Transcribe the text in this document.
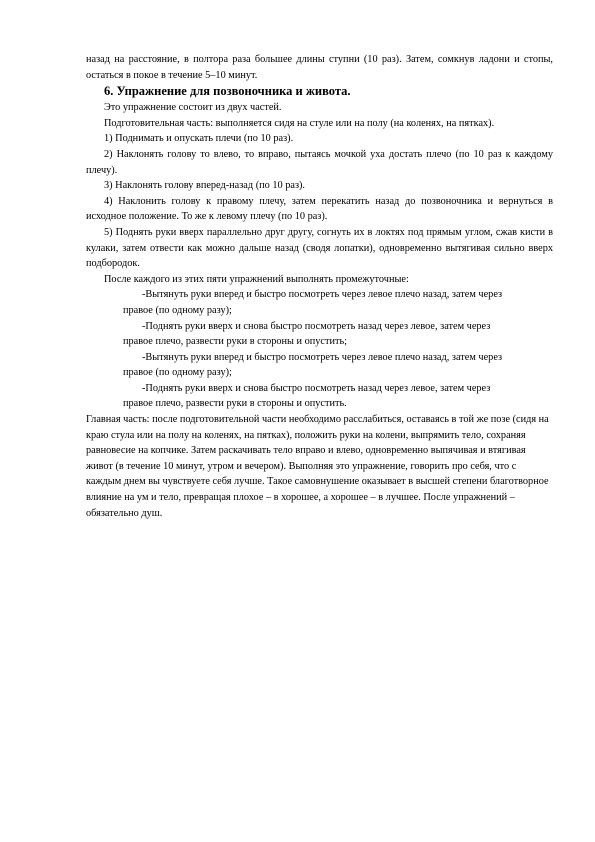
назад на расстояние, в полтора раза большее длины ступни (10 раз). Затем, сомкнув ладони и стопы, остаться в покое в течение 5–10 минут.

6. Упражнение для позвоночника и живота.

Это упражнение состоит из двух частей.

Подготовительная часть: выполняется сидя на стуле или на полу (на коленях, на пятках).

1) Поднимать и опускать плечи (по 10 раз).

2) Наклонять голову то влево, то вправо, пытаясь мочкой уха достать плечо (по 10 раз к каждому плечу).

3) Наклонять голову вперед-назад (по 10 раз).

4) Наклонить голову к правому плечу, затем перекатить назад до позвоночника и вернуться в исходное положение. То же к левому плечу (по 10 раз).

5) Поднять руки вверх параллельно друг другу, согнуть их в локтях под прямым углом, сжав кисти в кулаки, затем отвести как можно дальше назад (сводя лопатки), одновременно вытягивая сильно вверх подбородок.

После каждого из этих пяти упражнений выполнять промежуточные:

-Вытянуть руки вперед и быстро посмотреть через левое плечо назад, затем через
правое (по одному разу);

-Поднять руки вверх и снова быстро посмотреть назад через левое, затем через
правое плечо, развести руки в стороны и опустить;

-Вытянуть руки вперед и быстро посмотреть через левое плечо назад, затем через
правое (по одному разу);

-Поднять руки вверх и снова быстро посмотреть назад через левое, затем через
правое плечо, развести руки в стороны и опустить.

Главная часть: после подготовительной части необходимо расслабиться, оставаясь в той же позе (сидя на краю стула или на полу на коленях, на пятках), положить руки на колени, выпрямить тело, сохраняя равновесие на копчике. Затем раскачивать тело вправо и влево, одновременно выпячивая и втягивая живот (в течение 10 минут, утром и вечером). Выполняя это упражнение, говорить про себя, что с каждым днем вы чувствуете себя лучше. Такое самовнушение оказывает в высшей степени благотворное влияние на ум и тело, превращая плохое – в хорошее, а хорошее – в лучшее. После упражнений – обязательно душ.
